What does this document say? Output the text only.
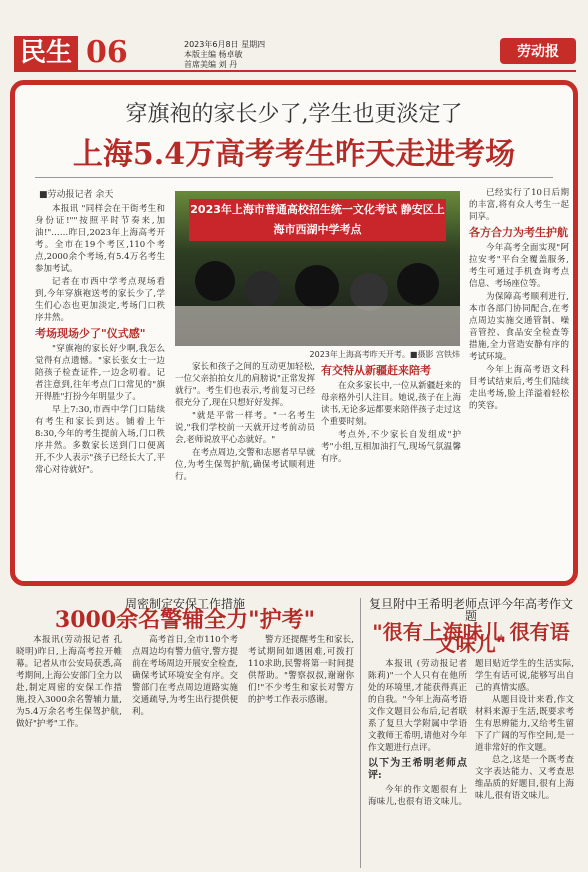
民生 06	2023年6月8日 星期四
本版主编 杨卓敏
首席美编 刘 丹
劳动报
穿旗袍的家长少了,学生也更淡定了
上海5.4万高考考生昨天走进考场
■劳动报记者 余天

本报讯 "同样会在干街考生和身份证!""按照平时节奏来,加油!"……昨日,2023年上海高考开考。全市在19个考区,110个考点,2000余个考场,有5.4万名考生参加考试。

记者在市西中学考点现场看到,今年穿旗袍送考的家长少了,学生们心态也更加淡定,考场门口秩序井然。

考场现场少了"仪式感"

"穿旗袍的家长好少啊,我怎么觉得有点遗憾。"家长张女士一边陪孩子检查证件,一边念叨着。记者注意到,往年考点门口常见的"旗开得胜"打扮今年明显少了。

早上7:30,市西中学门口陆续有考生和家长到达。铺着上午8:30,今年的考生提前入场,门口秩序井然。多数家长送到门口便离开,不少人表示"孩子已经长大了,平常心对待就好"。

2023年上海市普通高校招生统一文化考试 静安区上海市西湖中学考点
2023年上海高考昨天开考。■摄影 宫铁炜

家长和孩子之间的互动更加轻松,一位父亲拍拍女儿的肩膀说"正常发挥就行"。考生们也表示,考前复习已经很充分了,现在只想好好发挥。

"就是平常一样考。"一名考生说,"我们学校前一天就开过考前动员会,老师说放平心态就好。"

在考点周边,交警和志愿者早早就位,为考生保驾护航,确保考试顺利进行。

有交特从新疆赶来陪考

在众多家长中,一位从新疆赶来的母亲格外引人注目。她说,孩子在上海读书,无论多远都要来陪伴孩子走过这个重要时刻。

考点外,不少家长自发组成"护考"小组,互相加油打气,现场气氛温馨有序。

已经实行了10日后期的丰富,将有众人考生一起同享。

各方合力为考生护航

今年高考全面实现"阿拉安考"平台全覆盖服务,考生可通过手机查询考点信息、考场座位等。

为保障高考顺利进行,本市各部门协同配合,在考点周边实施交通管制、噪音管控、食品安全检查等措施,全力营造安静有序的考试环境。

今年上海高考语文科目考试结束后,考生们陆续走出考场,脸上洋溢着轻松的笑容。

周密制定安保工作措施
3000余名警辅全力"护考"

本报讯(劳动报记者 孔晓明)昨日,上海高考拉开帷幕。记者从市公安局获悉,高考期间,上海公安部门全力以赴,制定周密的安保工作措施,投入3000余名警辅力量,为5.4万余名考生保驾护航,做好"护考"工作。

高考首日,全市110个考点周边均有警力值守,警方提前在考场周边开展安全检查,确保考试环境安全有序。交警部门在考点周边道路实施交通疏导,为考生出行提供便利。

警方还提醒考生和家长,考试期间如遇困难,可拨打110求助,民警将第一时间提供帮助。"警察叔叔,谢谢你们!"不少考生和家长对警方的护考工作表示感谢。

复旦附中王希明老师点评今年高考作文题
"很有上海味儿 很有语文味儿"

本报讯 (劳动报记者 陈莉)"一个人只有在他所处的环境里,才能获得真正的自我。"今年上海高考语文作文题目公布后,记者联系了复旦大学附属中学语文教师王希明,请他对今年作文题进行点评。

以下为王希明老师点评:

今年的作文题很有上海味儿,也很有语文味儿。题目贴近学生的生活实际,学生有话可说,能够写出自己的真情实感。

从题目设计来看,作文材料来源于生活,既要求考生有思辨能力,又给考生留下了广阔的写作空间,是一道非常好的作文题。

总之,这是一个既考查文字表达能力、又考查思维品质的好题目,很有上海味儿,很有语文味儿。
